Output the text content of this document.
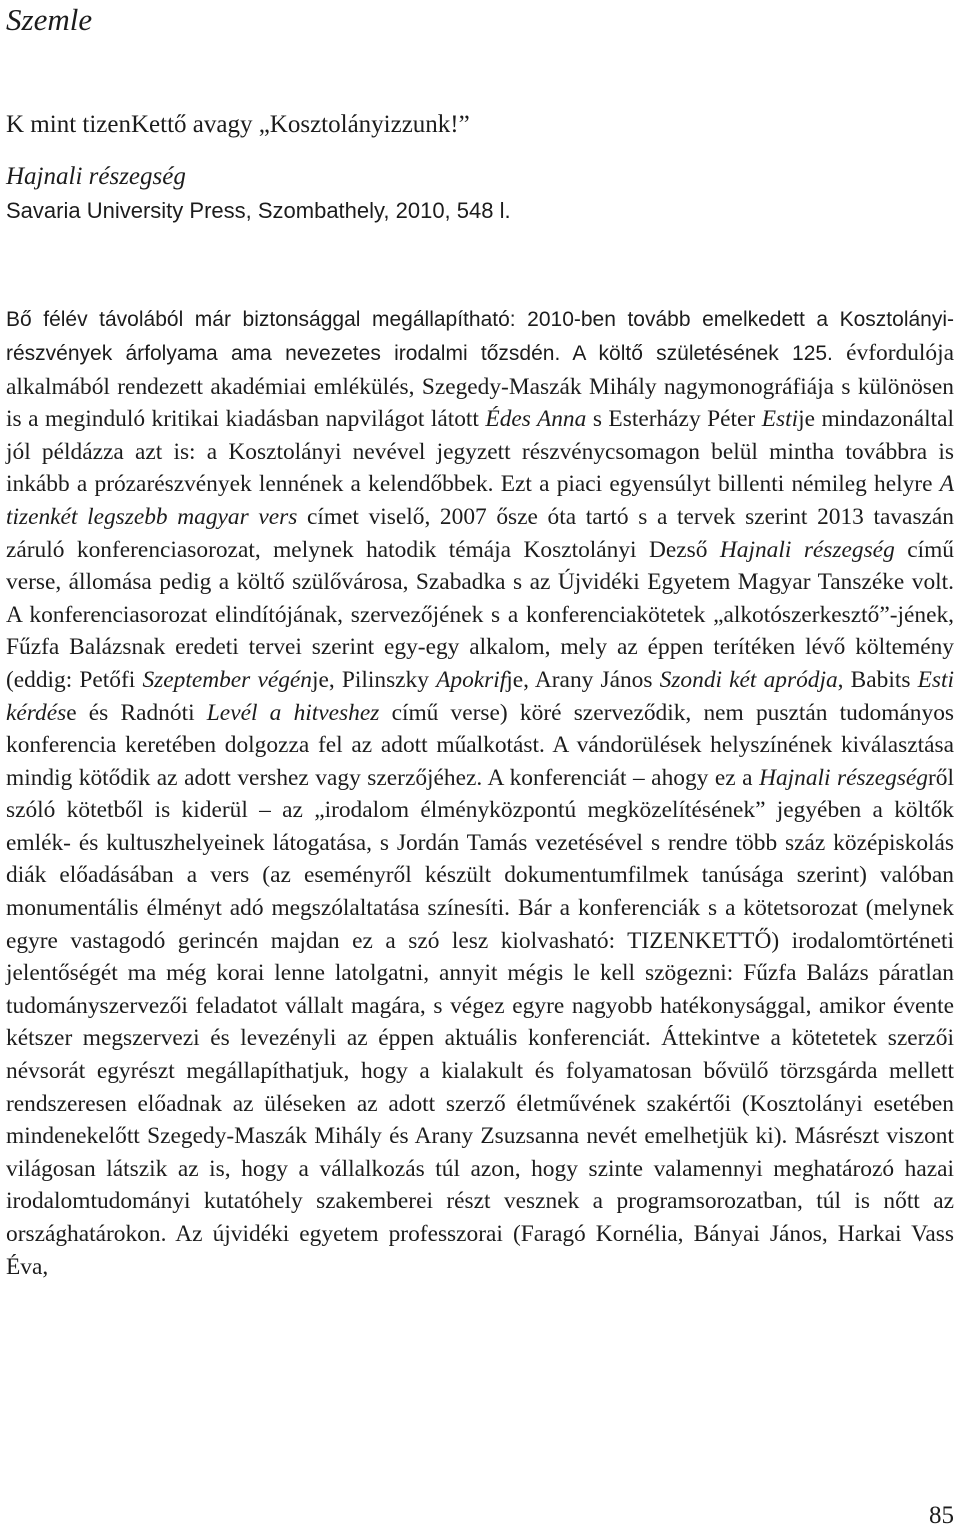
Szemle
K mint tizenKettő avagy „Kosztolányizzunk!”
Hajnali részegség
Savaria University Press, Szombathely, 2010, 548 l.

Bő félév távolából már biztonsággal megállapítható: 2010-ben tovább emelkedett a Kosztolányi-részvények árfolyama ama nevezetes irodalmi tőzsdén. A költő születésének 125. évfordulója alkalmából rendezett akadémiai emlékülés, Szegedy-Maszák Mihály nagymonográfiája s különösen is a meginduló kritikai kiadásban napvilágot látott Édes Anna s Esterházy Péter Estije mindazonáltal jól példázza azt is: a Kosztolányi nevével jegyzett részvénycsomagon belül mintha továbbra is inkább a prózarészvények lennének a kelendőbbek. Ezt a piaci egyensúlyt billenti némileg helyre A tizenkét legszebb magyar vers címet viselő, 2007 ősze óta tartó s a tervek szerint 2013 tavaszán záruló konferenciasorozat, melynek hatodik témája Kosztolányi Dezső Hajnali részegség című verse, állomása pedig a költő szülővárosa, Szabadka s az Újvidéki Egyetem Magyar Tanszéke volt. A konferenciasorozat elindítójának, szervezőjének s a konferenciakötetek „alkotószerkesztő”-jének, Fűzfa Balázsnak eredeti tervei szerint egy-egy alkalom, mely az éppen terítéken lévő költemény (eddig: Petőfi Szeptember végénje, Pilinszky Apokrifje, Arany János Szondi két apródja, Babits Esti kérdése és Radnóti Levél a hitveshez című verse) köré szerveződik, nem pusztán tudományos konferencia keretében dolgozza fel az adott műalkotást. A vándorülések helyszínének kiválasztása mindig kötődik az adott vershez vagy szerzőjéhez. A konferenciát – ahogy ez a Hajnali részegségről szóló kötetből is kiderül – az „irodalom élményközpontú megközelítésének” jegyében a költők emlék- és kultuszhelyeinek látogatása, s Jordán Tamás vezetésével s rendre több száz középiskolás diák előadásában a vers (az eseményről készült dokumentumfilmek tanúsága szerint) valóban monumentális élményt adó megszólaltatása színesíti. Bár a konferenciák s a kötetsorozat (melynek egyre vastagodó gerincén majdan ez a szó lesz kiolvasható: TIZENKETTŐ) irodalomtörténeti jelentőségét ma még korai lenne latolgatni, annyit mégis le kell szögezni: Fűzfa Balázs páratlan tudományszervezői feladatot vállalt magára, s végez egyre nagyobb hatékonysággal, amikor évente kétszer megszervezi és levezényli az éppen aktuális konferenciát. Áttekintve a kötetetek szerzői névsorát egyrészt megállapíthatjuk, hogy a kialakult és folyamatosan bővülő törzsgárda mellett rendszeresen előadnak az üléseken az adott szerző életművének szakértői (Kosztolányi esetében mindenekelőtt Szegedy-Maszák Mihály és Arany Zsuzsanna nevét emelhetjük ki). Másrészt viszont világosan látszik az is, hogy a vállalkozás túl azon, hogy szinte valamennyi meghatározó hazai irodalomtudományi kutatóhely szakemberei részt vesznek a programsorozatban, túl is nőtt az országhatárokon. Az újvidéki egyetem professzorai (Faragó Kornélia, Bányai János, Harkai Vass Éva,

85
